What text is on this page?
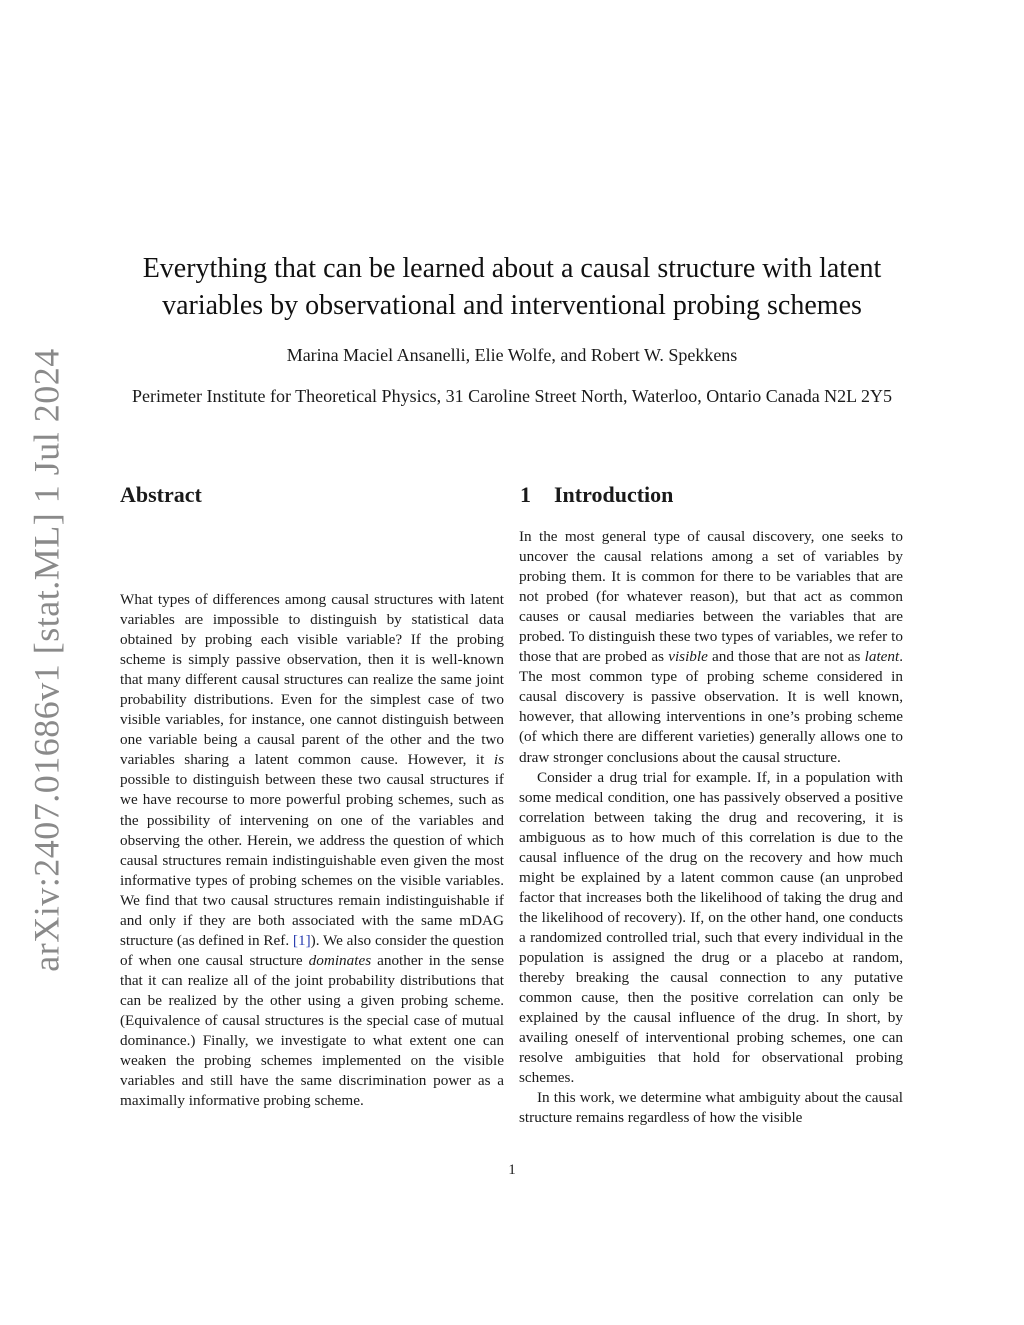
arXiv:2407.01686v1 [stat.ML] 1 Jul 2024
Everything that can be learned about a causal structure with latent variables by observational and interventional probing schemes
Marina Maciel Ansanelli, Elie Wolfe, and Robert W. Spekkens
Perimeter Institute for Theoretical Physics, 31 Caroline Street North, Waterloo, Ontario Canada N2L 2Y5
Abstract	1 Introduction

What types of differences among causal structures with latent variables are impossible to distinguish by statistical data obtained by probing each visible variable? If the probing scheme is simply passive observation, then it is well-known that many different causal structures can realize the same joint probability distributions. Even for the simplest case of two visible variables, for instance, one cannot distinguish between one variable being a causal parent of the other and the two variables sharing a latent common cause. However, it is possible to distinguish between these two causal structures if we have recourse to more powerful probing schemes, such as the possibility of intervening on one of the variables and observing the other. Herein, we address the question of which causal structures remain indistinguishable even given the most informative types of probing schemes on the visible variables. We find that two causal structures remain indistinguishable if and only if they are both associated with the same mDAG structure (as defined in Ref. [1]). We also consider the question of when one causal structure dominates another in the sense that it can realize all of the joint probability distributions that can be realized by the other using a given probing scheme. (Equivalence of causal structures is the special case of mutual dominance.) Finally, we investigate to what extent one can weaken the probing schemes implemented on the visible variables and still have the same discrimination power as a maximally informative probing scheme.

In the most general type of causal discovery, one seeks to uncover the causal relations among a set of variables by probing them. It is common for there to be variables that are not probed (for whatever reason), but that act as common causes or causal mediaries between the variables that are probed. To distinguish these two types of variables, we refer to those that are probed as visible and those that are not as latent. The most common type of probing scheme considered in causal discovery is passive observation. It is well known, however, that allowing interventions in one’s probing scheme (of which there are different varieties) generally allows one to draw stronger conclusions about the causal structure.

Consider a drug trial for example. If, in a population with some medical condition, one has passively observed a positive correlation between taking the drug and recovering, it is ambiguous as to how much of this correlation is due to the causal influence of the drug on the recovery and how much might be explained by a latent common cause (an unprobed factor that increases both the likelihood of taking the drug and the likelihood of recovery). If, on the other hand, one conducts a randomized controlled trial, such that every individual in the population is assigned the drug or a placebo at random, thereby breaking the causal connection to any putative common cause, then the positive correlation can only be explained by the causal influence of the drug. In short, by availing oneself of interventional probing schemes, one can resolve ambiguities that hold for observational probing schemes.

In this work, we determine what ambiguity about the causal structure remains regardless of how the visible

1
